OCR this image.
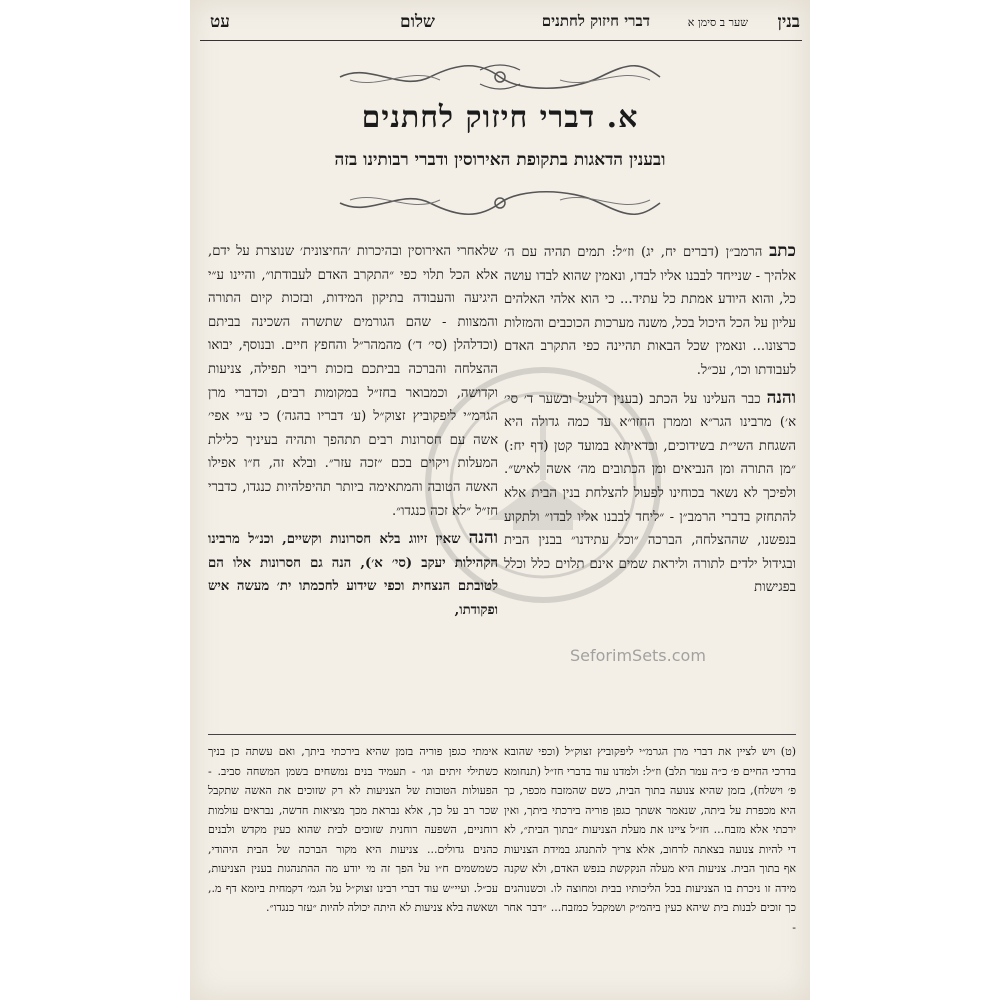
בנין
שער ב סימן א
דברי חיזוק לחתנים
שלום
עט
א. דברי חיזוק לחתנים
ובענין הדאגות בתקופת האירוסין ודברי רבותינו בזה
SeforimSets.com

כתב הרמב״ן (דברים יח, יג) וז״ל: תמים תהיה עם ה׳ אלהיך - שנייחד לבבנו אליו לבדו, ונאמין שהוא לבדו עושה כל, והוא היודע אמתת כל עתיד... כי הוא אלהי האלהים עליון על הכל היכול בכל, משנה מערכות הכוכבים והמזלות כרצונו... ונאמין שכל הבאות תהיינה כפי התקרב האדם לעבודתו וכו׳, עכ״ל.

והנה כבר העלינו על הכתב (בענין דלעיל ובשער ד׳ סי׳ א׳) מרבינו הגר״א וממרן החזו״א עד כמה גדולה היא השגחת השי״ת בשידוכים, וכדאיתא במועד קטן (דף יח:) ״מן התורה ומן הנביאים ומן הכתובים מה׳ אשה לאיש״. ולפיכך לא נשאר בכוחינו לפעול להצלחת בנין הבית אלא להתחזק בדברי הרמב״ן - ״ליחד לבבנו אליו לבדו״ ולתקוע בנפשנו, שההצלחה, הברכה ״וכל עתידנו״ בבנין הבית ובגידול ילדים לתורה וליראת שמים אינם תלוים כלל וכלל בפגישות

שלאחרי האירוסין ובהיכרות ׳החיצונית׳ שנוצרת על ידם, אלא הכל תלוי כפי ״התקרב האדם לעבודתו״, והיינו ע״י היגיעה והעבודה בתיקון המידות, ובזכות קיום התורה והמצוות - שהם הגורמים שתשרה השכינה בביתם (וכדלהלן (סי׳ ד׳) מהמהר״ל והחפץ חיים. ובנוסף, יבואו ההצלחה והברכה בביתכם בזכות ריבוי תפילה, צניעות וקדושה, וכמבואר בחז״ל במקומות רבים, וכדברי מרן הגרמ״י ליפקוביץ זצוק״ל (ע׳ דבריו בהגה׳) כי ע״י אפי׳ אשה עם חסרונות רבים תתהפך ותהיה בעיניך כלילת המעלות ויקוים בכם ״זכה עזר״. ובלא זה, ח״ו אפילו האשה הטובה והמתאימה ביותר תהיפלהיות כנגדו, כדברי חז״ל ״לא זכה כנגדו״.

והנה שאין זיווג בלא חסרונות וקשיים, וכנ״ל מרבינו הקהילות יעקב (סי׳ א׳), הנה גם חסרונות אלו הם לטובתם הנצחית וכפי שידוע לחכמתו ית׳ מעשה איש ופקודתו,

(ט) ויש לציין את דברי מרן הגרמ״י ליפקוביץ זצוק״ל (וכפי שהובא בדרכי החיים פ׳ כ״ה עמר תלב) וז״ל: ולמדנו עוד בדברי חז״ל (תנחומא פ׳ וישלח), בזמן שהיא צנועה בתוך הבית, כשם שהמזבח מכפר, כך היא מכפרת על ביתה, שנאמר אשתך כגפן פוריה בירכתי ביתך, ואין ירכתי אלא מזבח... חז״ל ציינו את מעלת הצניעות ״בתוך הבית״, לא די להיות צנועה בצאתה לרחוב, אלא צריך להתנהג במידת הצניעות אף בתוך הבית. צניעות היא מעלה הנקקשת בנפש האדם, ולא שקנה מידה זו ניכרת בו הצניעות בכל הליכותיו בבית ומחוצה לו. וכשנוהגים כך זוכים לבנות בית שיהא כעין ביהמ״ק ושמקבל כמזבח... ״דבר אחר -

אימתי כגפן פוריה בזמן שהיא בירכתי ביתך, ואם עשתה כן בניך כשתילי זיתים וגו׳ - תעמיד בנים נמשחים בשמן המשחה סביב. - הפעולות הטובות של הצניעות לא רק שזוכים את האשה שתקבל שכר רב על כך, אלא נבראת מכך מציאות חדשה, נבראים עולמות רוחניים, השפעה רוחנית שזוכים לבית שהוא כעין מקדש ולבנים כהנים גדולים... צניעות היא מקור הברכה של הבית היהודי, כשמשמים ח״ו על הפך זה מי יודע מה ההתנהגות בענין הצניעות, עכ״ל. ועיי״ש עוד דברי רבינו זצוק״ל על הגמ׳ דקמחית ביומא דף מ., ושאשה בלא צניעות לא היתה יכולה להיות ״עזר כנגדו״.
